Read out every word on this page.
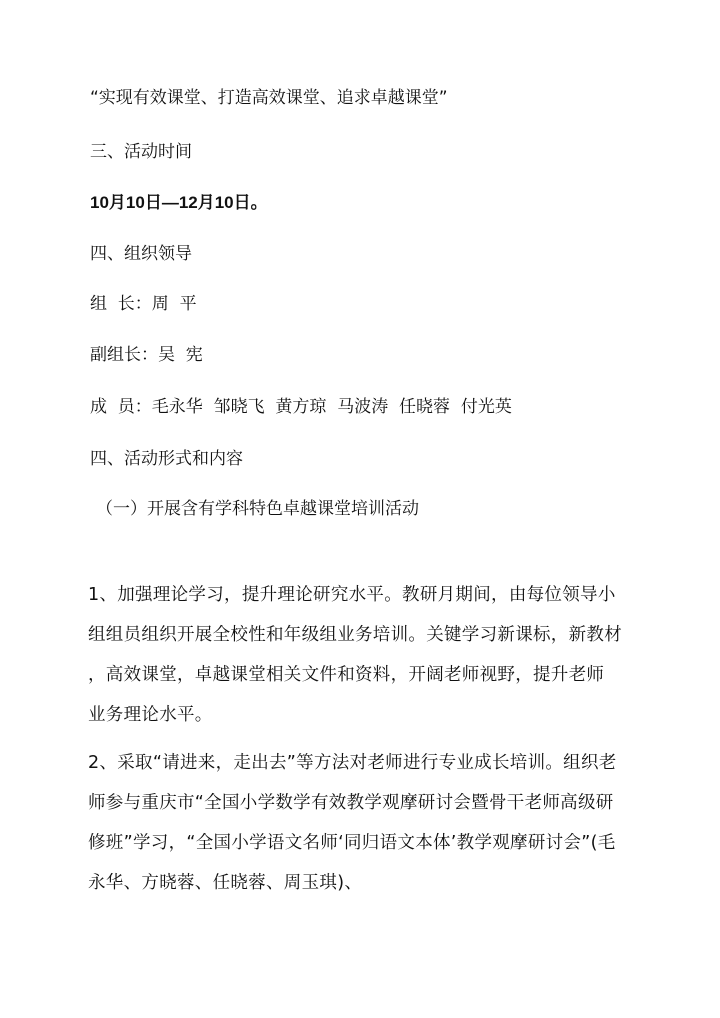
“实现有效课堂、打造高效课堂、追求卓越课堂”
三、活动时间
10月10日—12月10日。
四、组织领导
组  长：周  平
副组长：吴  宪
成  员：毛永华  邹晓飞  黄方琼  马波涛  任晓蓉  付光英
四、活动形式和内容
（一）开展含有学科特色卓越课堂培训活动
1、加强理论学习，提升理论研究水平。教研月期间，由每位领导小
组组员组织开展全校性和年级组业务培训。关键学习新课标，新教材
，高效课堂，卓越课堂相关文件和资料，开阔老师视野，提升老师
业务理论水平。
2、采取“请进来，走出去”等方法对老师进行专业成长培训。组织老
师参与重庆市“全国小学数学有效教学观摩研讨会暨骨干老师高级研
修班”学习，“全国小学语文名师‘同归语文本体’教学观摩研讨会”(毛
永华、方晓蓉、任晓蓉、周玉琪)、
